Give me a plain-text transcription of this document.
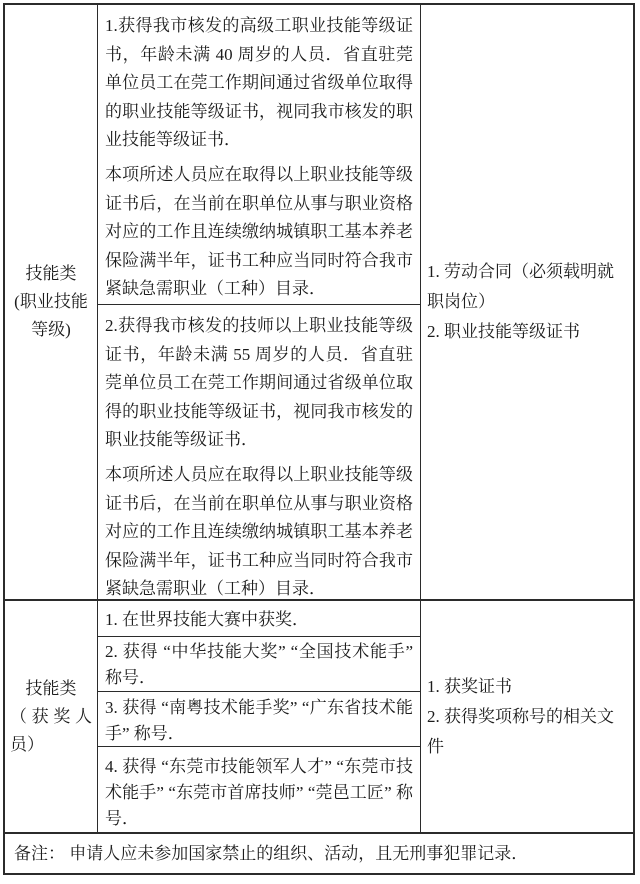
技能类
(职业技能等级)

1.获得我市核发的高级工职业技能等级证书，年龄未满 40 周岁的人员．省直驻莞单位员工在莞工作期间通过省级单位取得的职业技能等级证书，视同我市核发的职业技能等级证书．

本项所述人员应在取得以上职业技能等级证书后，在当前在职单位从事与职业资格对应的工作且连续缴纳城镇职工基本养老保险满半年，证书工种应当同时符合我市紧缺急需职业（工种）目录．

2.获得我市核发的技师以上职业技能等级证书，年龄未满 55 周岁的人员．省直驻莞单位员工在莞工作期间通过省级单位取得的职业技能等级证书，视同我市核发的职业技能等级证书．

本项所述人员应在取得以上职业技能等级证书后，在当前在职单位从事与职业资格对应的工作且连续缴纳城镇职工基本养老保险满半年，证书工种应当同时符合我市紧缺急需职业（工种）目录．

1. 劳动合同（必须载明就职岗位）
2. 职业技能等级证书
技能类
（获奖人员）
1. 在世界技能大赛中获奖．
2. 获得 “中华技能大奖” “全国技术能手” 称号．
3. 获得 “南粤技术能手奖” “广东省技术能手” 称号．
4. 获得 “东莞市技能领军人才” “东莞市技术能手” “东莞市首席技师” “莞邑工匠” 称号．
1. 获奖证书
2. 获得奖项称号的相关文件
备注： 申请人应未参加国家禁止的组织、活动，且无刑事犯罪记录．
